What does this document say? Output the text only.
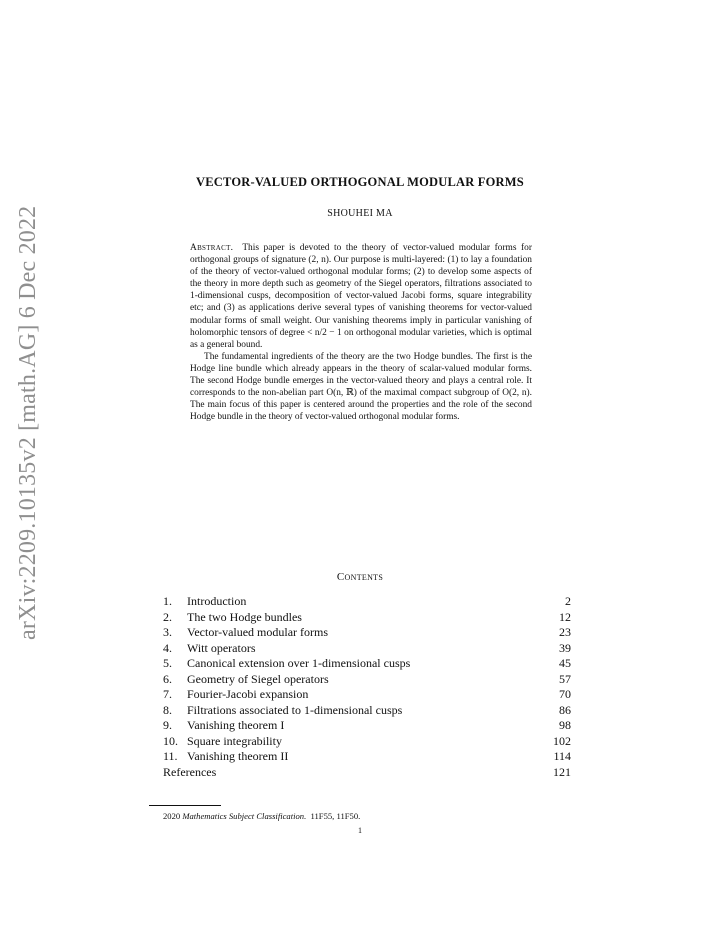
arXiv:2209.10135v2 [math.AG] 6 Dec 2022
VECTOR-VALUED ORTHOGONAL MODULAR FORMS
SHOUHEI MA

Abstract. This paper is devoted to the theory of vector-valued modular forms for orthogonal groups of signature (2, n). Our purpose is multi-layered: (1) to lay a foundation of the theory of vector-valued orthogonal modular forms; (2) to develop some aspects of the theory in more depth such as geometry of the Siegel operators, filtrations associated to 1-dimensional cusps, decomposition of vector-valued Jacobi forms, square integrability etc; and (3) as applications derive several types of vanishing theorems for vector-valued modular forms of small weight. Our vanishing theorems imply in particular vanishing of holomorphic tensors of degree < n/2 − 1 on orthogonal modular varieties, which is optimal as a general bound.

The fundamental ingredients of the theory are the two Hodge bundles. The first is the Hodge line bundle which already appears in the theory of scalar-valued modular forms. The second Hodge bundle emerges in the vector-valued theory and plays a central role. It corresponds to the non-abelian part O(n, ℝ) of the maximal compact subgroup of O(2, n). The main focus of this paper is centered around the properties and the role of the second Hodge bundle in the theory of vector-valued orthogonal modular forms.

Contents
1. Introduction	2
2. The two Hodge bundles	12
3. Vector-valued modular forms	23
4. Witt operators	39
5. Canonical extension over 1-dimensional cusps	45
6. Geometry of Siegel operators	57
7. Fourier-Jacobi expansion	70
8. Filtrations associated to 1-dimensional cusps	86
9. Vanishing theorem I	98
10. Square integrability	102
11. Vanishing theorem II	114
References	121
2020 Mathematics Subject Classification. 11F55, 11F50.
1
